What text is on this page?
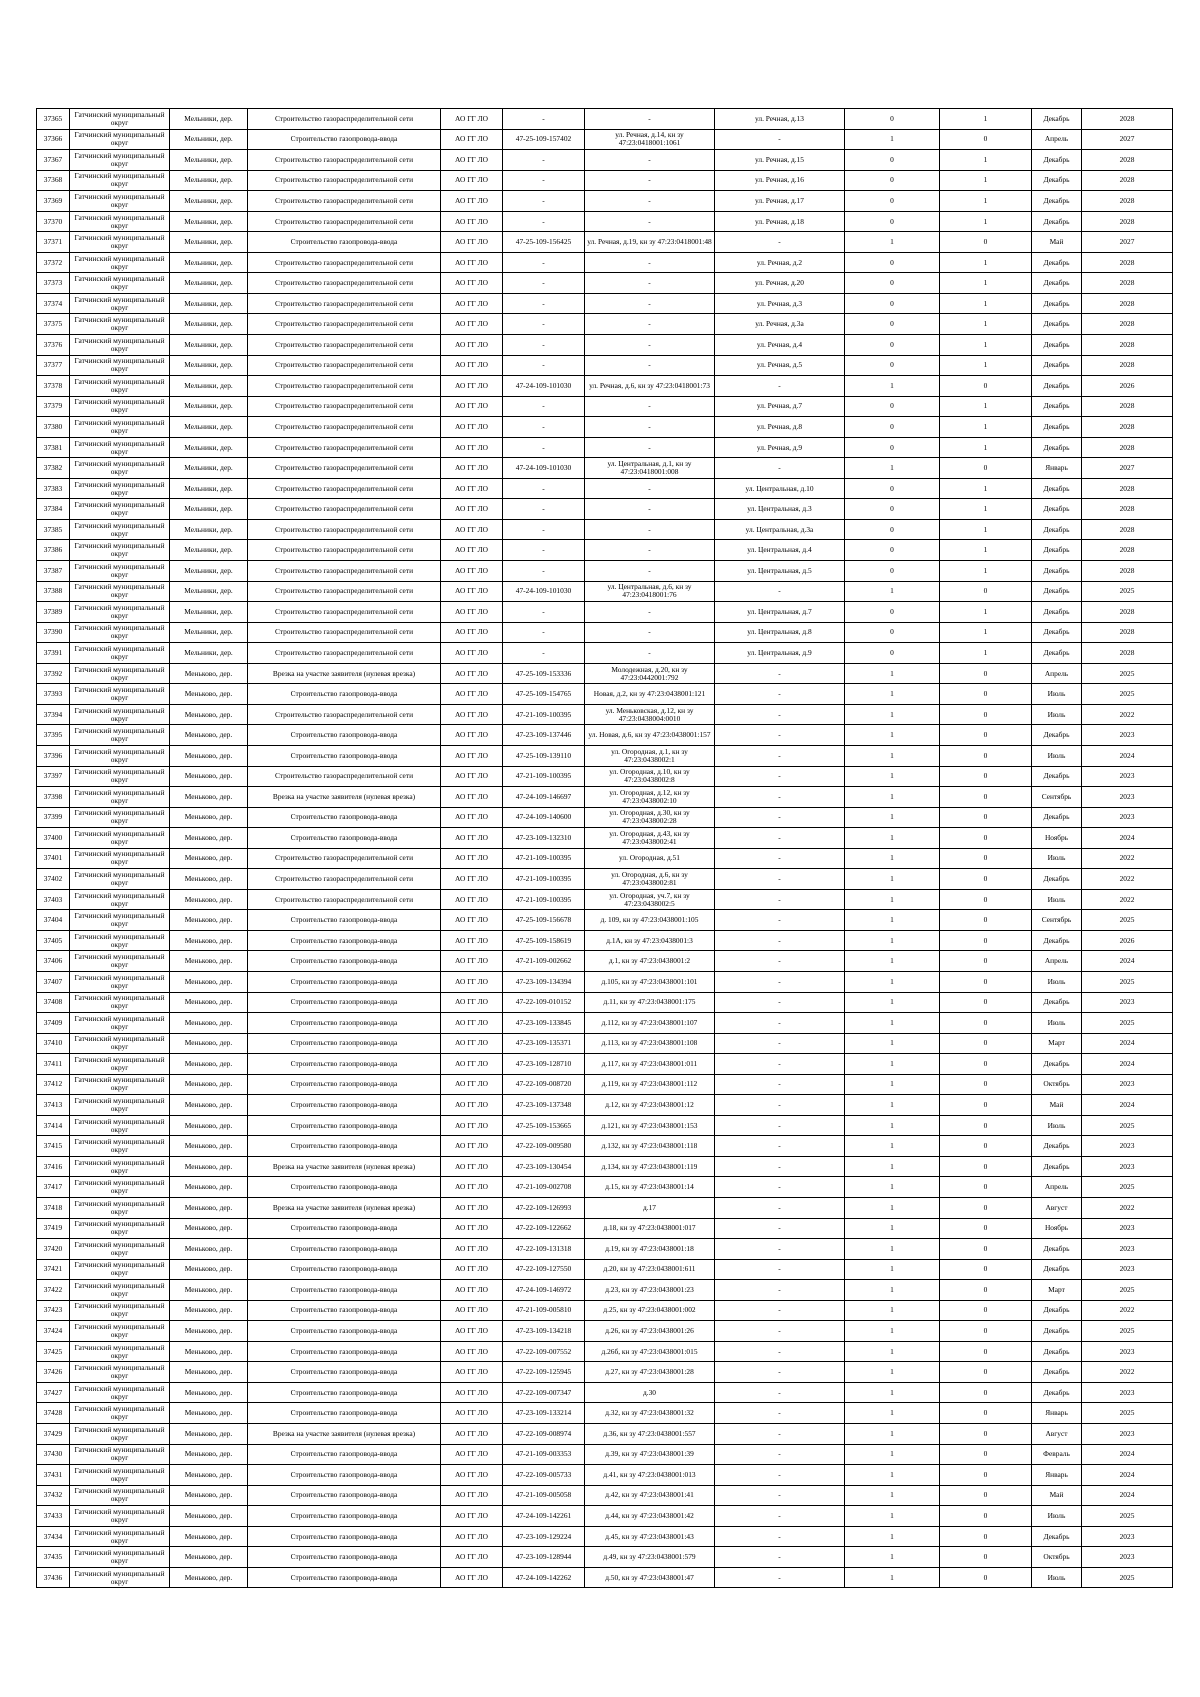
37365	Гатчинский муниципальный округ	Мельники, дер.	Строительство газораспределительной сети	АО ГГ ЛО	-	-	ул. Речная, д.13	0	1	Декабрь	2028
37366	Гатчинский муниципальный округ	Мельники, дер.	Строительство газопровода-ввода	АО ГГ ЛО	47-25-109-157402	ул. Речная, д.14, кн зу 47:23:0418001:1061	-	1	0	Апрель	2027
37367	Гатчинский муниципальный округ	Мельники, дер.	Строительство газораспределительной сети	АО ГГ ЛО	-	-	ул. Речная, д.15	0	1	Декабрь	2028
37368	Гатчинский муниципальный округ	Мельники, дер.	Строительство газораспределительной сети	АО ГГ ЛО	-	-	ул. Речная, д.16	0	1	Декабрь	2028
37369	Гатчинский муниципальный округ	Мельники, дер.	Строительство газораспределительной сети	АО ГГ ЛО	-	-	ул. Речная, д.17	0	1	Декабрь	2028
37370	Гатчинский муниципальный округ	Мельники, дер.	Строительство газораспределительной сети	АО ГГ ЛО	-	-	ул. Речная, д.18	0	1	Декабрь	2028
37371	Гатчинский муниципальный округ	Мельники, дер.	Строительство газопровода-ввода	АО ГГ ЛО	47-25-109-156425	ул. Речная, д.19, кн зу 47:23:0418001:48	-	1	0	Май	2027
37372	Гатчинский муниципальный округ	Мельники, дер.	Строительство газораспределительной сети	АО ГГ ЛО	-	-	ул. Речная, д.2	0	1	Декабрь	2028
37373	Гатчинский муниципальный округ	Мельники, дер.	Строительство газораспределительной сети	АО ГГ ЛО	-	-	ул. Речная, д.20	0	1	Декабрь	2028
37374	Гатчинский муниципальный округ	Мельники, дер.	Строительство газораспределительной сети	АО ГГ ЛО	-	-	ул. Речная, д.3	0	1	Декабрь	2028
37375	Гатчинский муниципальный округ	Мельники, дер.	Строительство газораспределительной сети	АО ГГ ЛО	-	-	ул. Речная, д.3а	0	1	Декабрь	2028
37376	Гатчинский муниципальный округ	Мельники, дер.	Строительство газораспределительной сети	АО ГГ ЛО	-	-	ул. Речная, д.4	0	1	Декабрь	2028
37377	Гатчинский муниципальный округ	Мельники, дер.	Строительство газораспределительной сети	АО ГГ ЛО	-	-	ул. Речная, д.5	0	1	Декабрь	2028
37378	Гатчинский муниципальный округ	Мельники, дер.	Строительство газораспределительной сети	АО ГГ ЛО	47-24-109-101030	ул. Речная, д.6, кн зу 47:23:0418001:73	-	1	0	Декабрь	2026
37379	Гатчинский муниципальный округ	Мельники, дер.	Строительство газораспределительной сети	АО ГГ ЛО	-	-	ул. Речная, д.7	0	1	Декабрь	2028
37380	Гатчинский муниципальный округ	Мельники, дер.	Строительство газораспределительной сети	АО ГГ ЛО	-	-	ул. Речная, д.8	0	1	Декабрь	2028
37381	Гатчинский муниципальный округ	Мельники, дер.	Строительство газораспределительной сети	АО ГГ ЛО	-	-	ул. Речная, д.9	0	1	Декабрь	2028
37382	Гатчинский муниципальный округ	Мельники, дер.	Строительство газораспределительной сети	АО ГГ ЛО	47-24-109-101030	ул. Центральная, д.1, кн зу 47:23:0418001:008	-	1	0	Январь	2027
37383	Гатчинский муниципальный округ	Мельники, дер.	Строительство газораспределительной сети	АО ГГ ЛО	-	-	ул. Центральная, д.10	0	1	Декабрь	2028
37384	Гатчинский муниципальный округ	Мельники, дер.	Строительство газораспределительной сети	АО ГГ ЛО	-	-	ул. Центральная, д.3	0	1	Декабрь	2028
37385	Гатчинский муниципальный округ	Мельники, дер.	Строительство газораспределительной сети	АО ГГ ЛО	-	-	ул. Центральная, д.3а	0	1	Декабрь	2028
37386	Гатчинский муниципальный округ	Мельники, дер.	Строительство газораспределительной сети	АО ГГ ЛО	-	-	ул. Центральная, д.4	0	1	Декабрь	2028
37387	Гатчинский муниципальный округ	Мельники, дер.	Строительство газораспределительной сети	АО ГГ ЛО	-	-	ул. Центральная, д.5	0	1	Декабрь	2028
37388	Гатчинский муниципальный округ	Мельники, дер.	Строительство газораспределительной сети	АО ГГ ЛО	47-24-109-101030	ул. Центральная, д.6, кн зу 47:23:0418001:76	-	1	0	Декабрь	2025
37389	Гатчинский муниципальный округ	Мельники, дер.	Строительство газораспределительной сети	АО ГГ ЛО	-	-	ул. Центральная, д.7	0	1	Декабрь	2028
37390	Гатчинский муниципальный округ	Мельники, дер.	Строительство газораспределительной сети	АО ГГ ЛО	-	-	ул. Центральная, д.8	0	1	Декабрь	2028
37391	Гатчинский муниципальный округ	Мельники, дер.	Строительство газораспределительной сети	АО ГГ ЛО	-	-	ул. Центральная, д.9	0	1	Декабрь	2028
37392	Гатчинский муниципальный округ	Меньково, дер.	Врезка на участке заявителя (нулевая врезка)	АО ГГ ЛО	47-25-109-153336	Молодежная, д.20, кн зу 47:23:0442001:792	-	1	0	Апрель	2025
37393	Гатчинский муниципальный округ	Меньково, дер.	Строительство газопровода-ввода	АО ГГ ЛО	47-25-109-154765	Новая, д.2, кн зу 47:23:0438001:121	-	1	0	Июль	2025
37394	Гатчинский муниципальный округ	Меньково, дер.	Строительство газораспределительной сети	АО ГГ ЛО	47-21-109-100395	ул. Меньковская, д.12, кн зу 47:23:0438004:0010	-	1	0	Июль	2022
37395	Гатчинский муниципальный округ	Меньково, дер.	Строительство газопровода-ввода	АО ГГ ЛО	47-23-109-137446	ул. Новая, д.6, кн зу 47:23:0438001:157	-	1	0	Декабрь	2023
37396	Гатчинский муниципальный округ	Меньково, дер.	Строительство газопровода-ввода	АО ГГ ЛО	47-25-109-139110	ул. Огородная, д.1, кн зу 47:23:0438002:1	-	1	0	Июль	2024
37397	Гатчинский муниципальный округ	Меньково, дер.	Строительство газораспределительной сети	АО ГГ ЛО	47-21-109-100395	ул. Огородная, д.10, кн зу 47:23:0438002:8	-	1	0	Декабрь	2023
37398	Гатчинский муниципальный округ	Меньково, дер.	Врезка на участке заявителя (нулевая врезка)	АО ГГ ЛО	47-24-109-146697	ул. Огородная, д.12, кн зу 47:23:0438002:10	-	1	0	Сентябрь	2023
37399	Гатчинский муниципальный округ	Меньково, дер.	Строительство газопровода-ввода	АО ГГ ЛО	47-24-109-140600	ул. Огородная, д.30, кн зу 47:23:0438002:28	-	1	0	Декабрь	2023
37400	Гатчинский муниципальный округ	Меньково, дер.	Строительство газопровода-ввода	АО ГГ ЛО	47-23-109-132310	ул. Огородная, д.43, кн зу 47:23:0438002:41	-	1	0	Ноябрь	2024
37401	Гатчинский муниципальный округ	Меньково, дер.	Строительство газораспределительной сети	АО ГГ ЛО	47-21-109-100395	ул. Огородная, д.51	-	1	0	Июль	2022
37402	Гатчинский муниципальный округ	Меньково, дер.	Строительство газораспределительной сети	АО ГГ ЛО	47-21-109-100395	ул. Огородная, д.6, кн зу 47:23:0438002:81	-	1	0	Декабрь	2022
37403	Гатчинский муниципальный округ	Меньково, дер.	Строительство газораспределительной сети	АО ГГ ЛО	47-21-109-100395	ул. Огородная, уч.7, кн зу 47:23:0438002:5	-	1	0	Июль	2022
37404	Гатчинский муниципальный округ	Меньково, дер.	Строительство газопровода-ввода	АО ГГ ЛО	47-25-109-156678	д. 109, кн зу 47:23:0438001:105	-	1	0	Сентябрь	2025
37405	Гатчинский муниципальный округ	Меньково, дер.	Строительство газопровода-ввода	АО ГГ ЛО	47-25-109-158619	д.1А, кн зу 47:23:0438001:3	-	1	0	Декабрь	2026
37406	Гатчинский муниципальный округ	Меньково, дер.	Строительство газопровода-ввода	АО ГГ ЛО	47-21-109-002662	д.1, кн зу 47:23:0438001:2	-	1	0	Апрель	2024
37407	Гатчинский муниципальный округ	Меньково, дер.	Строительство газопровода-ввода	АО ГГ ЛО	47-23-109-134394	д.105, кн зу 47:23:0438001:101	-	1	0	Июль	2025
37408	Гатчинский муниципальный округ	Меньково, дер.	Строительство газопровода-ввода	АО ГГ ЛО	47-22-109-010152	д.11, кн зу 47:23:0438001:175	-	1	0	Декабрь	2023
37409	Гатчинский муниципальный округ	Меньково, дер.	Строительство газопровода-ввода	АО ГГ ЛО	47-23-109-133845	д.112, кн зу 47:23:0438001:107	-	1	0	Июль	2025
37410	Гатчинский муниципальный округ	Меньково, дер.	Строительство газопровода-ввода	АО ГГ ЛО	47-23-109-135371	д.113, кн зу 47:23:0438001:108	-	1	0	Март	2024
37411	Гатчинский муниципальный округ	Меньково, дер.	Строительство газопровода-ввода	АО ГГ ЛО	47-23-109-128710	д.117, кн зу 47:23:0438001:011	-	1	0	Декабрь	2024
37412	Гатчинский муниципальный округ	Меньково, дер.	Строительство газопровода-ввода	АО ГГ ЛО	47-22-109-008720	д.119, кн зу 47:23:0438001:112	-	1	0	Октябрь	2023
37413	Гатчинский муниципальный округ	Меньково, дер.	Строительство газопровода-ввода	АО ГГ ЛО	47-23-109-137348	д.12, кн зу 47:23:0438001:12	-	1	0	Май	2024
37414	Гатчинский муниципальный округ	Меньково, дер.	Строительство газопровода-ввода	АО ГГ ЛО	47-25-109-153665	д.121, кн зу 47:23:0438001:153	-	1	0	Июль	2025
37415	Гатчинский муниципальный округ	Меньково, дер.	Строительство газопровода-ввода	АО ГГ ЛО	47-22-109-009580	д.132, кн зу 47:23:0438001:118	-	1	0	Декабрь	2023
37416	Гатчинский муниципальный округ	Меньково, дер.	Врезка на участке заявителя (нулевая врезка)	АО ГГ ЛО	47-23-109-130454	д.134, кн зу 47:23:0438001:119	-	1	0	Декабрь	2023
37417	Гатчинский муниципальный округ	Меньково, дер.	Строительство газопровода-ввода	АО ГГ ЛО	47-21-109-002708	д.15, кн зу 47:23:0438001:14	-	1	0	Апрель	2025
37418	Гатчинский муниципальный округ	Меньково, дер.	Врезка на участке заявителя (нулевая врезка)	АО ГГ ЛО	47-22-109-126993	д.17	-	1	0	Август	2022
37419	Гатчинский муниципальный округ	Меньково, дер.	Строительство газопровода-ввода	АО ГГ ЛО	47-22-109-122662	д.18, кн зу 47:23:0438001:017	-	1	0	Ноябрь	2023
37420	Гатчинский муниципальный округ	Меньково, дер.	Строительство газопровода-ввода	АО ГГ ЛО	47-22-109-131318	д.19, кн зу 47:23:0438001:18	-	1	0	Декабрь	2023
37421	Гатчинский муниципальный округ	Меньково, дер.	Строительство газопровода-ввода	АО ГГ ЛО	47-22-109-127550	д.20, кн зу 47:23:0438001:611	-	1	0	Декабрь	2023
37422	Гатчинский муниципальный округ	Меньково, дер.	Строительство газопровода-ввода	АО ГГ ЛО	47-24-109-146972	д.23, кн зу 47:23:0438001:23	-	1	0	Март	2025
37423	Гатчинский муниципальный округ	Меньково, дер.	Строительство газопровода-ввода	АО ГГ ЛО	47-21-109-005810	д.25, кн зу 47:23:0438001:002	-	1	0	Декабрь	2022
37424	Гатчинский муниципальный округ	Меньково, дер.	Строительство газопровода-ввода	АО ГГ ЛО	47-23-109-134218	д.26, кн зу 47:23:0438001:26	-	1	0	Декабрь	2025
37425	Гатчинский муниципальный округ	Меньково, дер.	Строительство газопровода-ввода	АО ГГ ЛО	47-22-109-007552	д.26б, кн зу 47:23:0438001:015	-	1	0	Декабрь	2023
37426	Гатчинский муниципальный округ	Меньково, дер.	Строительство газопровода-ввода	АО ГГ ЛО	47-22-109-125945	д.27, кн зу 47:23:0438001:28	-	1	0	Декабрь	2022
37427	Гатчинский муниципальный округ	Меньково, дер.	Строительство газопровода-ввода	АО ГГ ЛО	47-22-109-007347	д.30	-	1	0	Декабрь	2023
37428	Гатчинский муниципальный округ	Меньково, дер.	Строительство газопровода-ввода	АО ГГ ЛО	47-23-109-133214	д.32, кн зу 47:23:0438001:32	-	1	0	Январь	2025
37429	Гатчинский муниципальный округ	Меньково, дер.	Врезка на участке заявителя (нулевая врезка)	АО ГГ ЛО	47-22-109-008974	д.36, кн зу 47:23:0438001:557	-	1	0	Август	2023
37430	Гатчинский муниципальный округ	Меньково, дер.	Строительство газопровода-ввода	АО ГГ ЛО	47-21-109-003353	д.39, кн зу 47:23:0438001:39	-	1	0	Февраль	2024
37431	Гатчинский муниципальный округ	Меньково, дер.	Строительство газопровода-ввода	АО ГГ ЛО	47-22-109-005733	д.41, кн зу 47:23:0438001:013	-	1	0	Январь	2024
37432	Гатчинский муниципальный округ	Меньково, дер.	Строительство газопровода-ввода	АО ГГ ЛО	47-21-109-005058	д.42, кн зу 47:23:0438001:41	-	1	0	Май	2024
37433	Гатчинский муниципальный округ	Меньково, дер.	Строительство газопровода-ввода	АО ГГ ЛО	47-24-109-142261	д.44, кн зу 47:23:0438001:42	-	1	0	Июль	2025
37434	Гатчинский муниципальный округ	Меньково, дер.	Строительство газопровода-ввода	АО ГГ ЛО	47-23-109-129224	д.45, кн зу 47:23:0438001:43	-	1	0	Декабрь	2023
37435	Гатчинский муниципальный округ	Меньково, дер.	Строительство газопровода-ввода	АО ГГ ЛО	47-23-109-128944	д.49, кн зу 47:23:0438001:579	-	1	0	Октябрь	2023
37436	Гатчинский муниципальный округ	Меньково, дер.	Строительство газопровода-ввода	АО ГГ ЛО	47-24-109-142262	д.50, кн зу 47:23:0438001:47	-	1	0	Июль	2025
